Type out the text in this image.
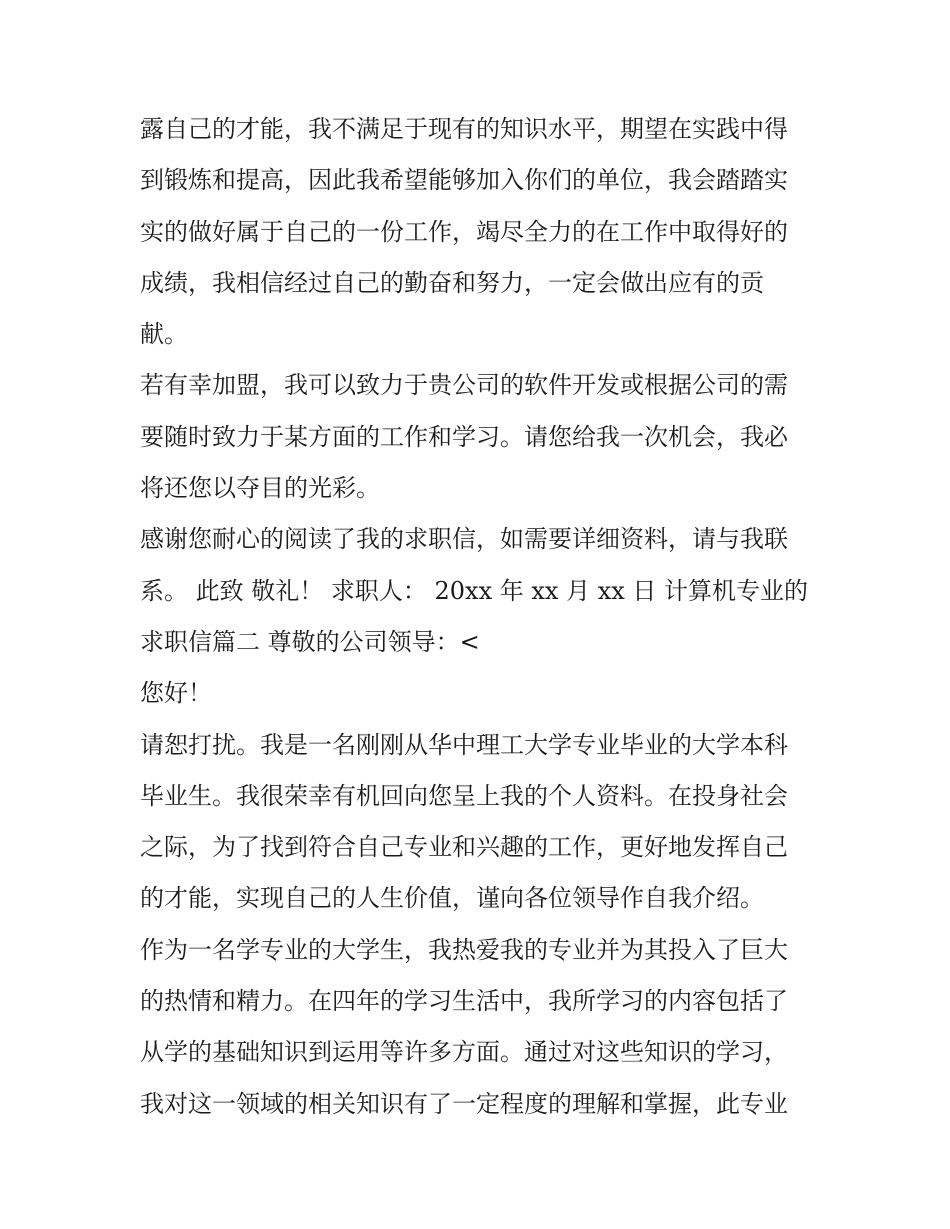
露自己的才能，我不满足于现有的知识水平，期望在实践中得

到锻炼和提高，因此我希望能够加入你们的单位，我会踏踏实

实的做好属于自己的一份工作，竭尽全力的在工作中取得好的

成绩，我相信经过自己的勤奋和努力，一定会做出应有的贡

献。

若有幸加盟，我可以致力于贵公司的软件开发或根据公司的需

要随时致力于某方面的工作和学习。请您给我一次机会，我必

将还您以夺目的光彩。

感谢您耐心的阅读了我的求职信，如需要详细资料，请与我联

系。 此致 敬礼！ 求职人： 20xx 年 xx 月 xx 日 计算机专业的

求职信篇二 尊敬的公司领导：<

您好！

请恕打扰。我是一名刚刚从华中理工大学专业毕业的大学本科

毕业生。我很荣幸有机回向您呈上我的个人资料。在投身社会

之际，为了找到符合自己专业和兴趣的工作，更好地发挥自己

的才能，实现自己的人生价值，谨向各位领导作自我介绍。

作为一名学专业的大学生，我热爱我的专业并为其投入了巨大

的热情和精力。在四年的学习生活中，我所学习的内容包括了

从学的基础知识到运用等许多方面。通过对这些知识的学习，

我对这一领域的相关知识有了一定程度的理解和掌握，此专业
